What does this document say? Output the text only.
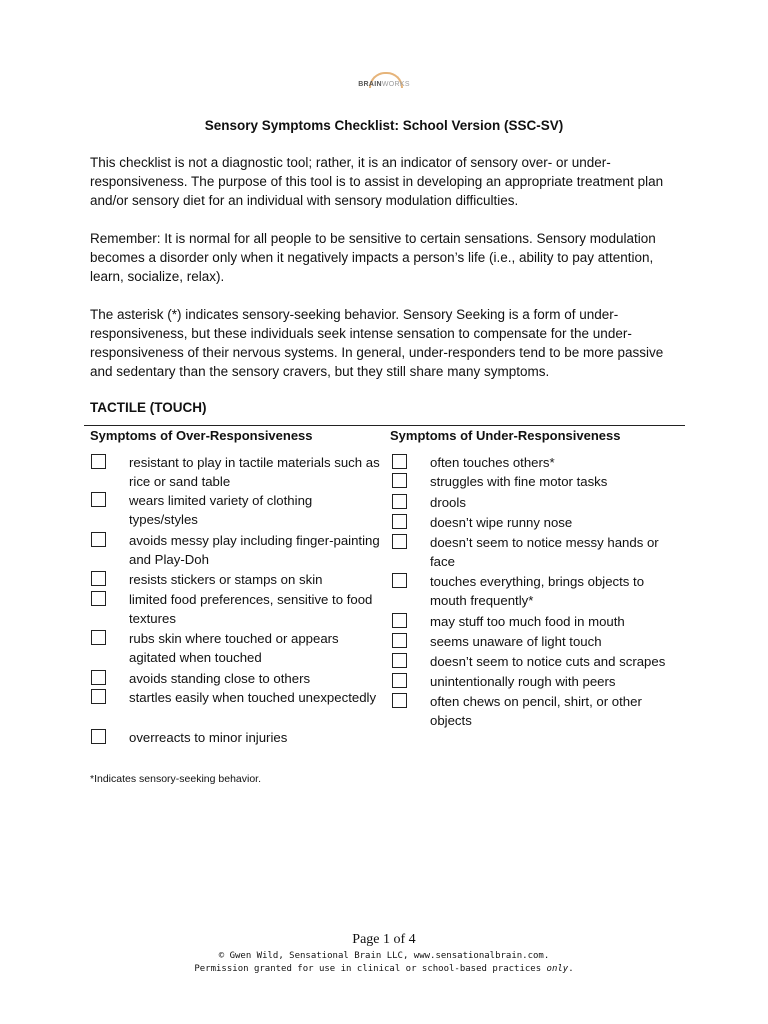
BRAINWORKS
Sensory Symptoms Checklist: School Version (SSC-SV)

This checklist is not a diagnostic tool; rather, it is an indicator of sensory over- or under-responsiveness. The purpose of this tool is to assist in developing an appropriate treatment plan and/or sensory diet for an individual with sensory modulation difficulties.

Remember: It is normal for all people to be sensitive to certain sensations. Sensory modulation becomes a disorder only when it negatively impacts a person’s life (i.e., ability to pay attention, learn, socialize, relax).

The asterisk (*) indicates sensory-seeking behavior. Sensory Seeking is a form of under-responsiveness, but these individuals seek intense sensation to compensate for the under-responsiveness of their nervous systems. In general, under-responders tend to be more passive and sedentary than the sensory cravers, but they still share many symptoms.

TACTILE (TOUCH)
Symptoms of Over-Responsiveness	Symptoms of Under-Responsiveness
resistant to play in tactile materials such as rice or sand table
wears limited variety of clothing types/styles
avoids messy play including finger-painting and Play-Doh
resists stickers or stamps on skin
limited food preferences, sensitive to food textures
rubs skin where touched or appears agitated when touched
avoids standing close to others
startles easily when touched unexpectedly
overreacts to minor injuries
often touches others*
struggles with fine motor tasks
drools
doesn’t wipe runny nose
doesn’t seem to notice messy hands or face
touches everything, brings objects to mouth frequently*
may stuff too much food in mouth
seems unaware of light touch
doesn’t seem to notice cuts and scrapes
unintentionally rough with peers
often chews on pencil, shirt, or other objects
*Indicates sensory-seeking behavior.
Page 1 of 4
© Gwen Wild, Sensational Brain LLC, www.sensationalbrain.com.
Permission granted for use in clinical or school-based practices only.
